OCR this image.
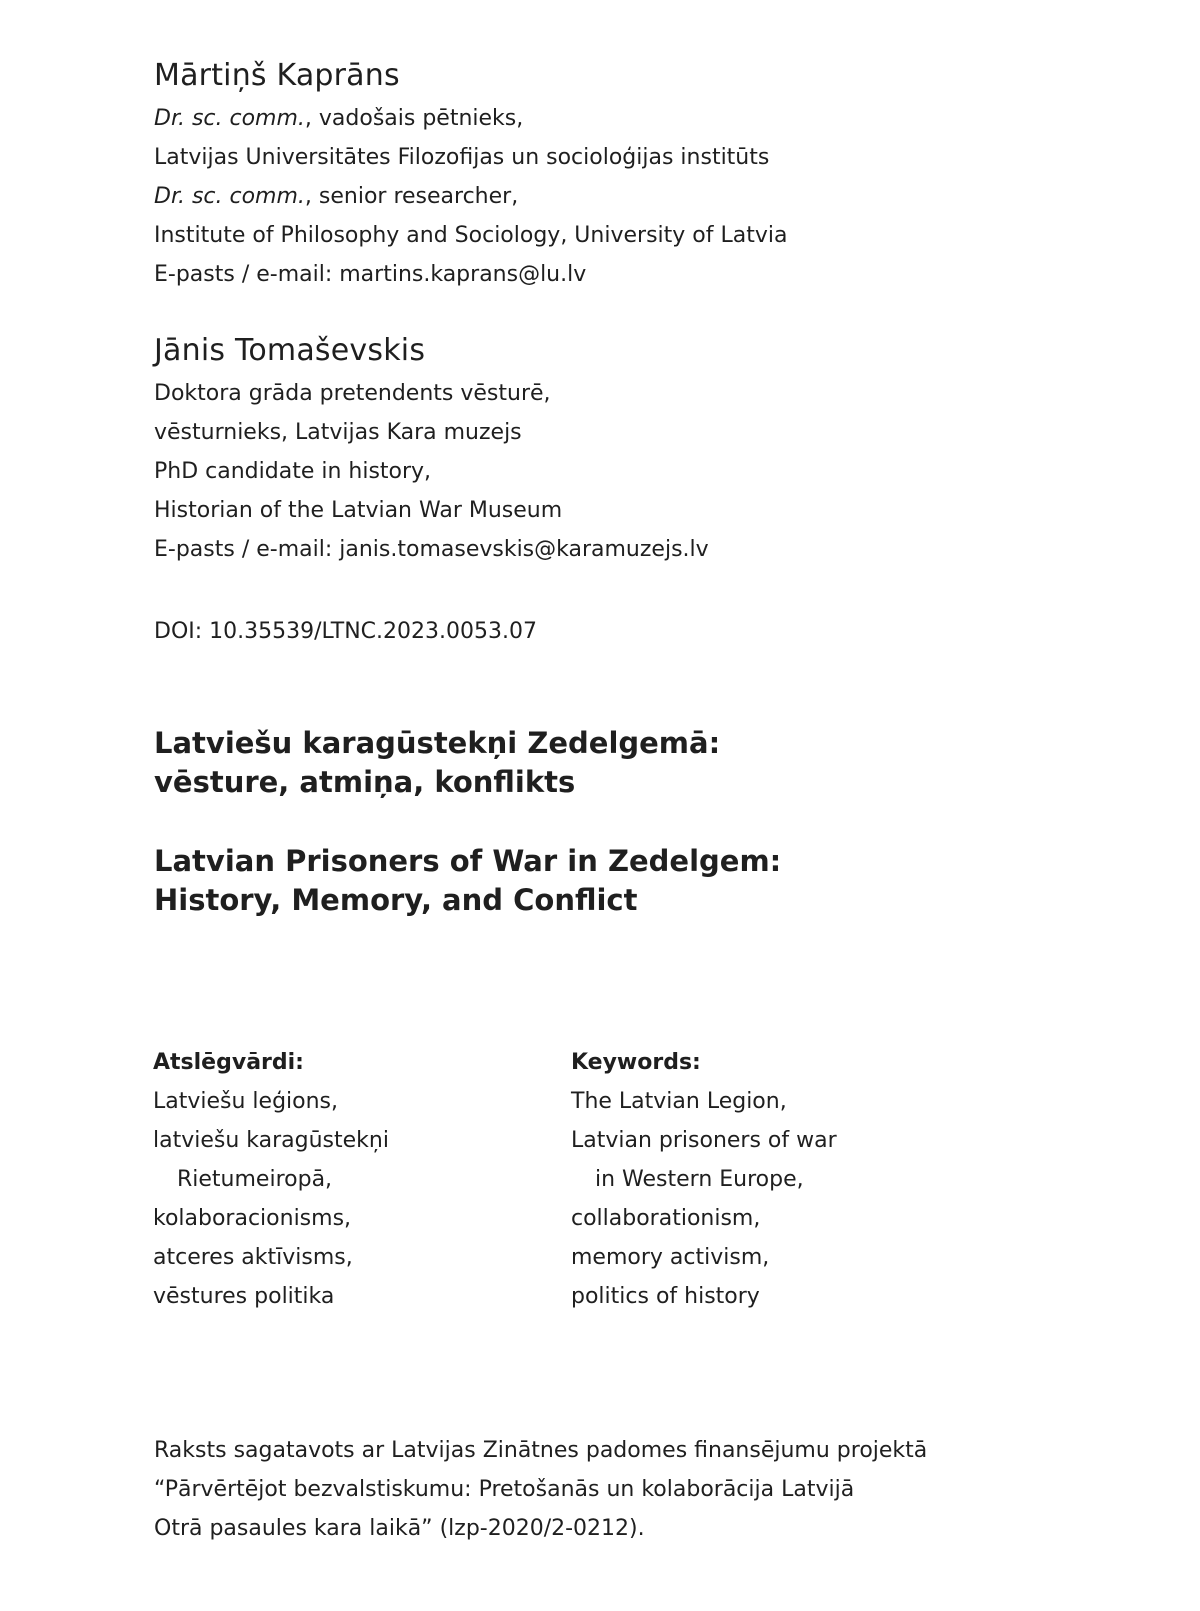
Mārtiņš Kaprāns

Dr. sc. comm., vadošais pētnieks,

Latvijas Universitātes Filozofijas un socioloģijas institūts

Dr. sc. comm., senior researcher,

Institute of Philosophy and Sociology, University of Latvia

E-pasts / e-mail: martins.kaprans@lu.lv

Jānis Tomaševskis

Doktora grāda pretendents vēsturē,

vēsturnieks, Latvijas Kara muzejs

PhD candidate in history,

Historian of the Latvian War Museum

E-pasts / e-mail: janis.tomasevskis@karamuzejs.lv

DOI: 10.35539/LTNC.2023.0053.07

Latviešu karagūstekņi Zedelgemā:

vēsture, atmiņa, konflikts

Latvian Prisoners of War in Zedelgem:

History, Memory, and Conflict

Atslēgvārdi:

Latviešu leģions,

latviešu karagūstekņi

Rietumeiropā,

kolaboracionisms,

atceres aktīvisms,

vēstures politika

Keywords:

The Latvian Legion,

Latvian prisoners of war

in Western Europe,

collaborationism,

memory activism,

politics of history

Raksts sagatavots ar Latvijas Zinātnes padomes finansējumu projektā

“Pārvērtējot bezvalstiskumu: Pretošanās un kolaborācija Latvijā

Otrā pasaules kara laikā” (lzp-2020/2-0212).
